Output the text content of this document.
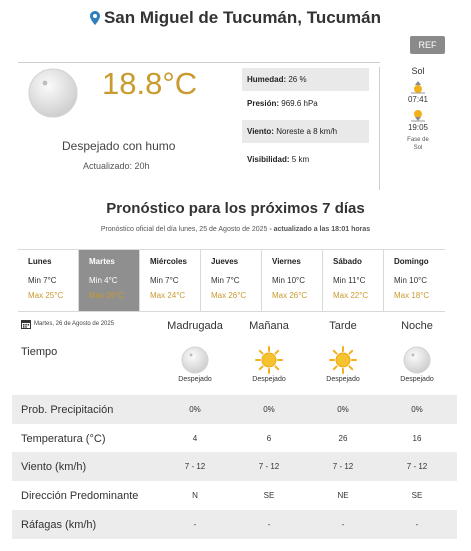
San Miguel de Tucumán, Tucumán
REF
18.8°C
Despejado con humo
Actualizado: 20h
Humedad: 26 %
Presión: 969.6 hPa
Viento: Noreste a 8 km/h
Visibilidad: 5 km
Sol
07:41
19:05
Fase de
Sol
Pronóstico para los próximos 7 días
Pronóstico oficial del día lunes, 25 de Agosto de 2025 - actualizado a las 18:01 horas
Lunes
Min 7°C
Max 25°C
Martes
Min 4°C
Max 26°C
Miércoles
Min 7°C
Max 24°C
Jueves
Min 7°C
Max 26°C
Viernes
Min 10°C
Max 26°C
Sábado
Min 11°C
Max 22°C
Domingo
Min 10°C
Max 18°C
Martes, 26 de Agosto de 2025	Madrugada	Mañana	Tarde	Noche
Tiempo
Despejado	Despejado	Despejado	Despejado
Prob. Precipitación	0%	0%	0%	0%
Temperatura (°C)	4	6	26	16
Viento (km/h)	7 - 12	7 - 12	7 - 12	7 - 12
Dirección Predominante	N	SE	NE	SE
Ráfagas (km/h)	-	-	-	-
